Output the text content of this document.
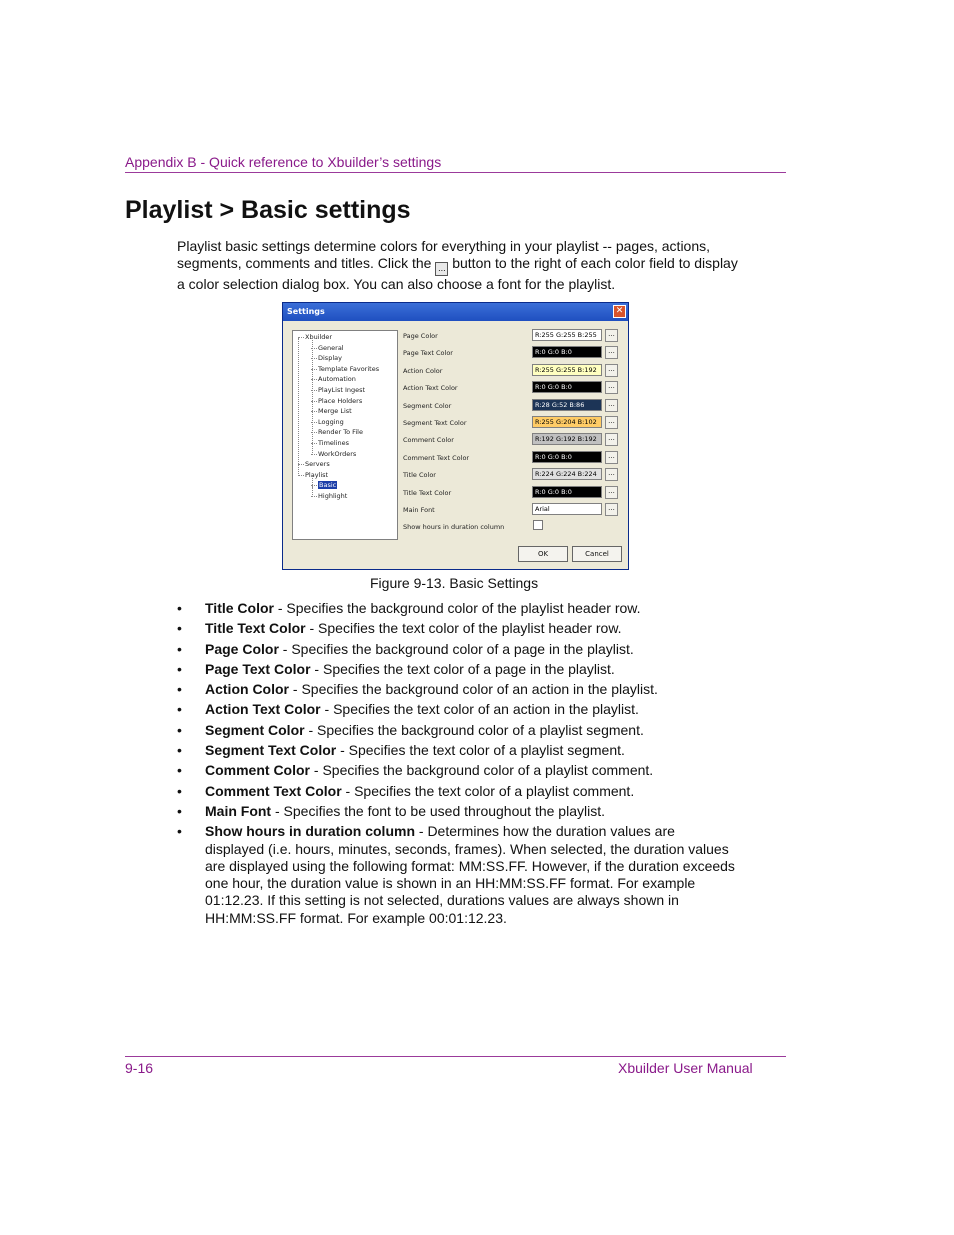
Appendix B - Quick reference to Xbuilder’s settings
Playlist > Basic settings
Playlist basic settings determine colors for everything in your playlist -- pages, actions, segments, comments and titles. Click the ... button to the right of each color field to display a color selection dialog box. You can also choose a font for the playlist.
Settings	✕
Xbuilder
General
Display
Template Favorites
Automation
PlayList Ingest
Place Holders
Merge List
Logging
Render To File
Timelines
WorkOrders
Servers
Playlist
Basic
Highlight
Page Color	R:255 G:255 B:255	...
Page Text Color	R:0 G:0 B:0	...
Action Color	R:255 G:255 B:192	...
Action Text Color	R:0 G:0 B:0	...
Segment Color	R:28 G:52 B:86	...
Segment Text Color	R:255 G:204 B:102	...
Comment Color	R:192 G:192 B:192	...
Comment Text Color	R:0 G:0 B:0	...
Title Color	R:224 G:224 B:224	...
Title Text Color	R:0 G:0 B:0	...
Main Font	Arial	...
Show hours in duration column
OK	Cancel
Figure 9-13. Basic Settings
• Title Color - Specifies the background color of the playlist header row.
• Title Text Color - Specifies the text color of the playlist header row.
• Page Color - Specifies the background color of a page in the playlist.
• Page Text Color - Specifies the text color of a page in the playlist.
• Action Color - Specifies the background color of an action in the playlist.
• Action Text Color - Specifies the text color of an action in the playlist.
• Segment Color - Specifies the background color of a playlist segment.
• Segment Text Color - Specifies the text color of a playlist segment.
• Comment Color - Specifies the background color of a playlist comment.
• Comment Text Color - Specifies the text color of a playlist comment.
• Main Font - Specifies the font to be used throughout the playlist.
• Show hours in duration column - Determines how the duration values are displayed (i.e. hours, minutes, seconds, frames). When selected, the duration values are displayed using the following format: MM:SS.FF. However, if the duration exceeds one hour, the duration value is shown in an HH:MM:SS.FF format. For example 01:12.23. If this setting is not selected, durations values are always shown in HH:MM:SS.FF format. For example 00:01:12.23.
9-16	Xbuilder User Manual
